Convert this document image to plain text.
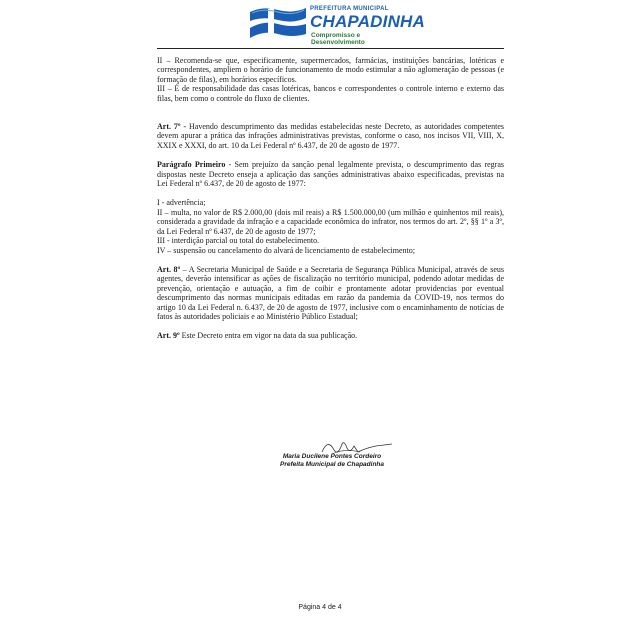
PREFEITURA MUNICIPAL
CHAPADINHA
Compromisso e Desenvolvimento

II – Recomenda-se que, especificamente, supermercados, farmácias, instituições bancárias, lotéricas e correspondentes, ampliem o horário de funcionamento de modo estimular a não aglomeração de pessoas (e formação de filas), em horários específicos.

III – É de responsabilidade das casas lotéricas, bancos e correspondentes o controle interno e externo das filas, bem como o controle do fluxo de clientes.

Art. 7º - Havendo descumprimento das medidas estabelecidas neste Decreto, as autoridades competentes devem apurar a prática das infrações administrativas previstas, conforme o caso, nos incisos VII, VIII, X, XXIX e XXXI, do art. 10 da Lei Federal nº 6.437, de 20 de agosto de 1977.

Parágrafo Primeiro - Sem prejuízo da sanção penal legalmente prevista, o descumprimento das regras dispostas neste Decreto enseja a aplicação das sanções administrativas abaixo especificadas, previstas na Lei Federal nº 6.437, de 20 de agosto de 1977:

I - advertência;

II – multa, no valor de R$ 2.000,00 (dois mil reais) a R$ 1.500.000,00 (um milhão e quinhentos mil reais), considerada a gravidade da infração e a capacidade econômica do infrator, nos termos do art. 2º, §§ 1º a 3º, da Lei Federal nº 6.437, de 20 de agosto de 1977;

III - interdição parcial ou total do estabelecimento.

IV – suspensão ou cancelamento do alvará de licenciamento de estabelecimento;

Art. 8º – A Secretaria Municipal de Saúde e a Secretaria de Segurança Pública Municipal, através de seus agentes, deverão intensificar as ações de fiscalização no território municipal, podendo adotar medidas de prevenção, orientação e autuação, a fim de coibir e prontamente adotar providencias por eventual descumprimento das normas municipais editadas em razão da pandemia da COVID-19, nos termos do artigo 10 da Lei Federal n. 6.437, de 20 de agosto de 1977, inclusive com o encaminhamento de notícias de fatos às autoridades policiais e ao Ministério Público Estadual;

Art. 9º Este Decreto entra em vigor na data da sua publicação.

Maria Ducilene Pontes Cordeiro
Prefeita Municipal de Chapadinha
Página 4 de 4
